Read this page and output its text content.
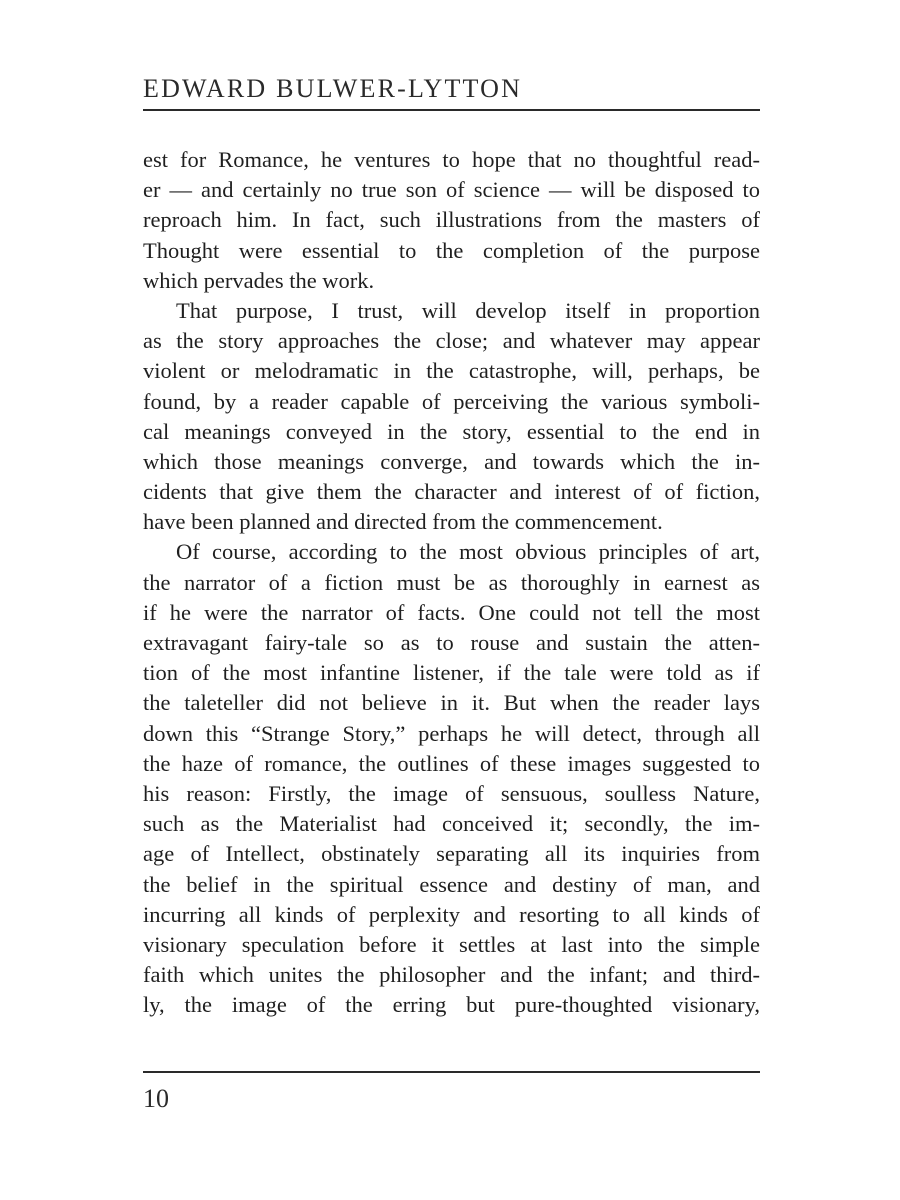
EDWARD BULWER-LYTTON
est for Romance, he ventures to hope that no thoughtful read-
er — and certainly no true son of science — will be disposed to
reproach him. In fact, such illustrations from the masters of
Thought were essential to the completion of the purpose
which pervades the work.
That purpose, I trust, will develop itself in proportion
as the story approaches the close; and whatever may appear
violent or melodramatic in the catastrophe, will, perhaps, be
found, by a reader capable of perceiving the various symboli-
cal meanings conveyed in the story, essential to the end in
which those meanings converge, and towards which the in-
cidents that give them the character and interest of of fiction,
have been planned and directed from the commencement.
Of course, according to the most obvious principles of art,
the narrator of a fiction must be as thoroughly in earnest as
if he were the narrator of facts. One could not tell the most
extravagant fairy-tale so as to rouse and sustain the atten-
tion of the most infantine listener, if the tale were told as if
the taleteller did not believe in it. But when the reader lays
down this “Strange Story,” perhaps he will detect, through all
the haze of romance, the outlines of these images suggested to
his reason: Firstly, the image of sensuous, soulless Nature,
such as the Materialist had conceived it; secondly, the im-
age of Intellect, obstinately separating all its inquiries from
the belief in the spiritual essence and destiny of man, and
incurring all kinds of perplexity and resorting to all kinds of
visionary speculation before it settles at last into the simple
faith which unites the philosopher and the infant; and third-
ly, the image of the erring but pure-thoughted visionary,
10
